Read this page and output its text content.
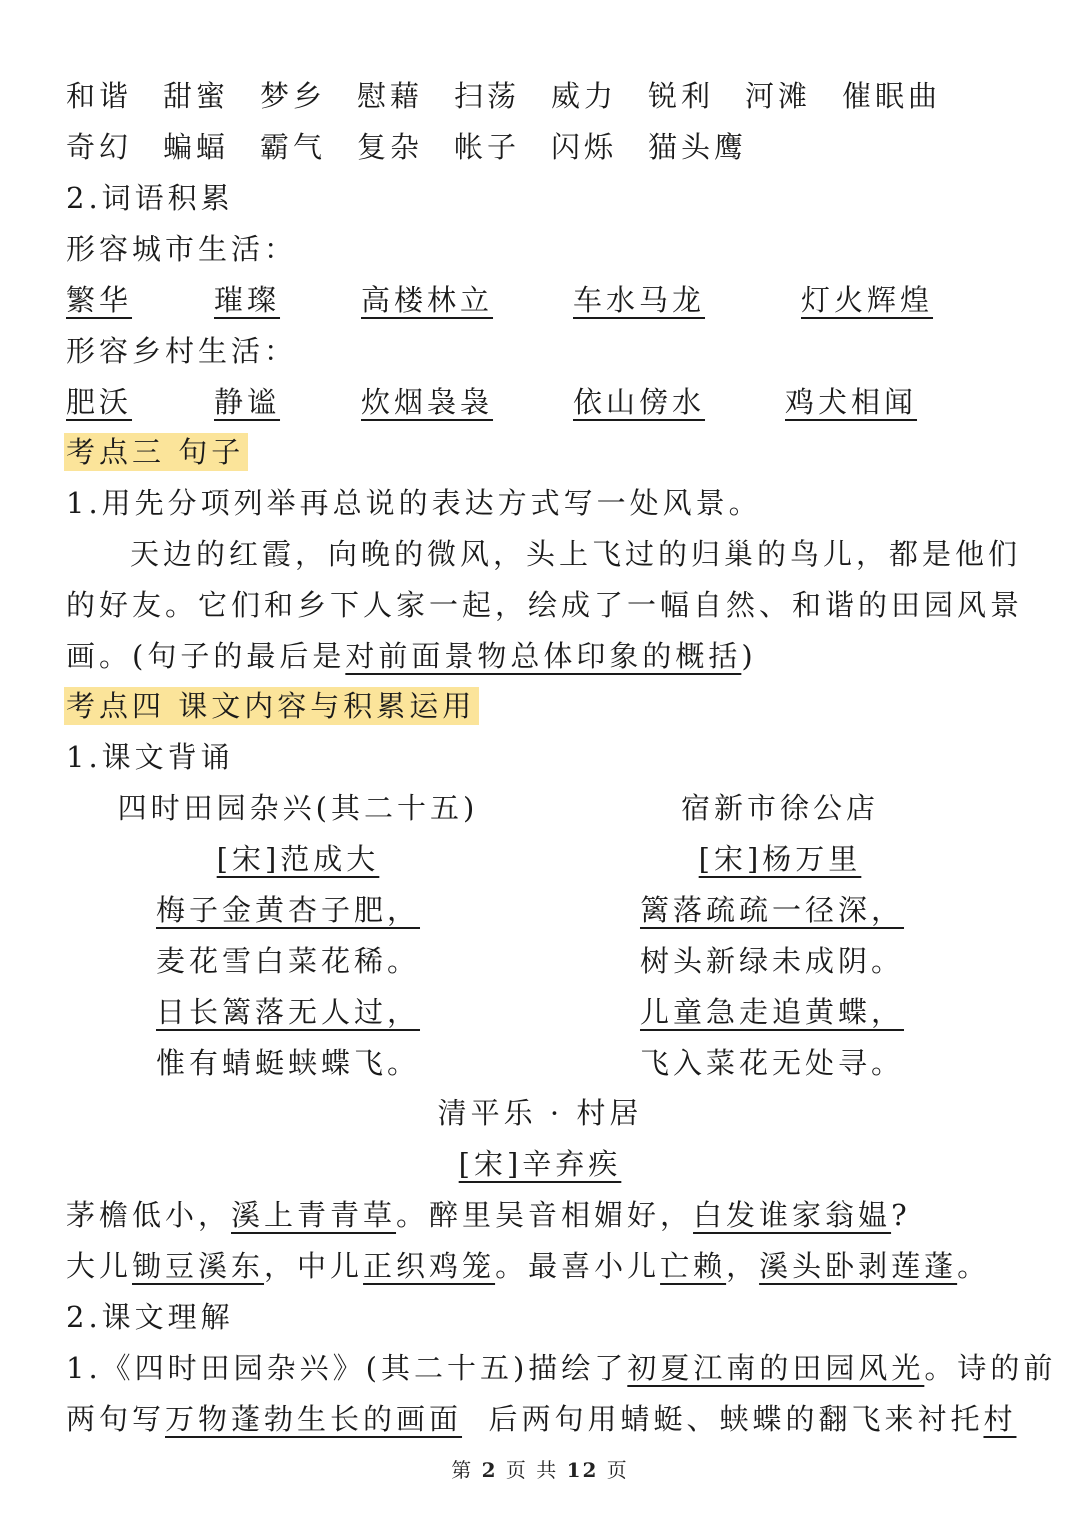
和谐 甜蜜 梦乡 慰藉 扫荡 威力 锐利 河滩 催眠曲
奇幻 蝙蝠 霸气 复杂 帐子 闪烁 猫头鹰
2.词语积累
形容城市生活：
繁华	璀璨	高楼林立	车水马龙	灯火辉煌
形容乡村生活：
肥沃	静谧	炊烟袅袅	依山傍水	鸡犬相闻
考点三 句子
1.用先分项列举再总说的表达方式写一处风景。
天边的红霞，向晚的微风，头上飞过的归巢的鸟儿，都是他们
的好友。它们和乡下人家一起，绘成了一幅自然、和谐的田园风景
画。(句子的最后是对前面景物总体印象的概括)
考点四 课文内容与积累运用
1.课文背诵
四时田园杂兴(其二十五)
[宋]范成大
梅子金黄杏子肥，
麦花雪白菜花稀。
日长篱落无人过，
惟有蜻蜓蛱蝶飞。
宿新市徐公店
[宋]杨万里
篱落疏疏一径深，
树头新绿未成阴。
儿童急走追黄蝶，
飞入菜花无处寻。
清平乐 · 村居
[宋]辛弃疾
茅檐低小，溪上青青草。醉里吴音相媚好，白发谁家翁媪?
大儿锄豆溪东，中儿正织鸡笼。最喜小儿亡赖，溪头卧剥莲蓬。
2.课文理解
1.《四时田园杂兴》(其二十五)描绘了初夏江南的田园风光。诗的前
两句写万物蓬勃生长的画面  后两句用蜻蜓、蛱蝶的翻飞来衬托村
第 2 页 共 12 页
